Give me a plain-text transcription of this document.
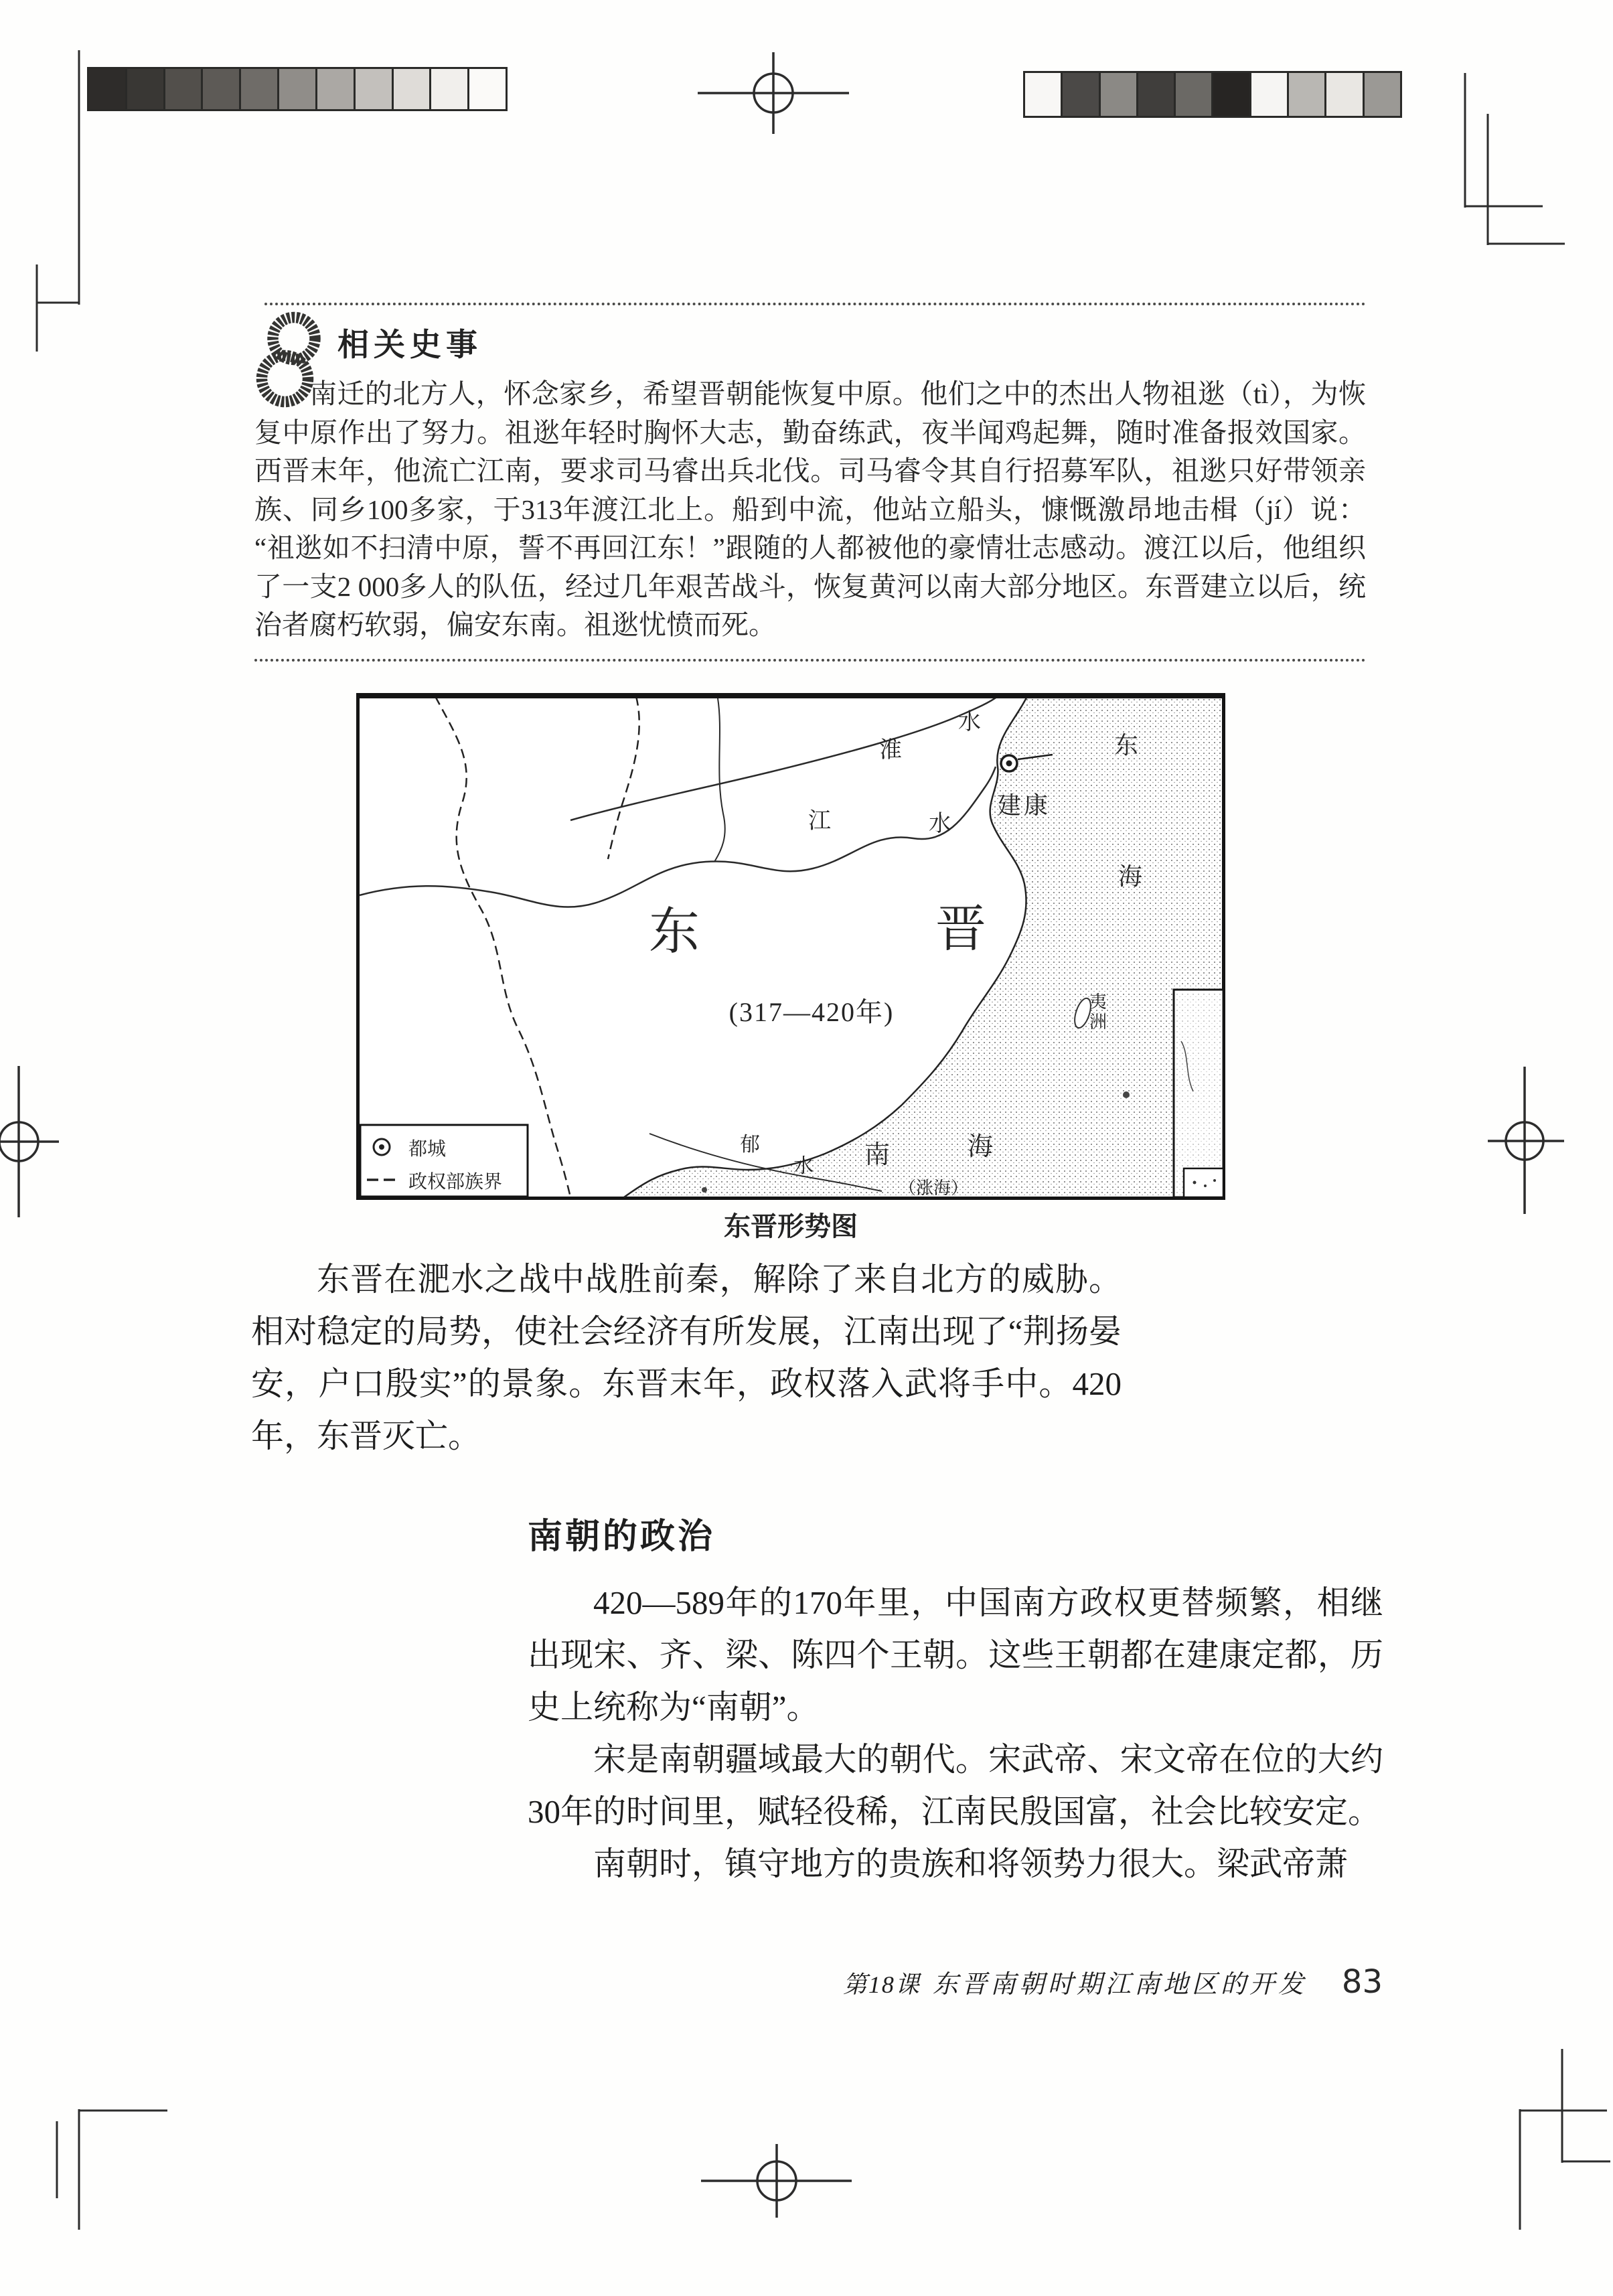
相关史事

南迁的北方人，怀念家乡，希望晋朝能恢复中原。他们之中的杰出人物祖逖（tì），为恢复中原作出了努力。祖逖年轻时胸怀大志，勤奋练武，夜半闻鸡起舞，随时准备报效国家。西晋末年，他流亡江南，要求司马睿出兵北伐。司马睿令其自行招募军队，祖逖只好带领亲族、同乡100多家，于313年渡江北上。船到中流，他站立船头，慷慨激昂地击楫（jí）说：“祖逖如不扫清中原，誓不再回江东！”跟随的人都被他的豪情壮志感动。渡江以后，他组织了一支2 000多人的队伍，经过几年艰苦战斗，恢复黄河以南大部分地区。东晋建立以后，统治者腐朽软弱，偏安东南。祖逖忧愤而死。

建康
东	晋
(317—420年)
淮
水
江	水
郁
水
东
海
南	海
（涨海）
夷
洲
都城
政权部族界
东晋形势图

东晋在淝水之战中战胜前秦，解除了来自北方的威胁。相对稳定的局势，使社会经济有所发展，江南出现了“荆扬晏安，户口殷实”的景象。东晋末年，政权落入武将手中。420年，东晋灭亡。

南朝的政治

420—589年的170年里，中国南方政权更替频繁，相继出现宋、齐、梁、陈四个王朝。这些王朝都在建康定都，历史上统称为“南朝”。

宋是南朝疆域最大的朝代。宋武帝、宋文帝在位的大约30年的时间里，赋轻役稀，江南民殷国富，社会比较安定。

南朝时，镇守地方的贵族和将领势力很大。梁武帝萧

第18课 东晋南朝时期江南地区的开发 83
